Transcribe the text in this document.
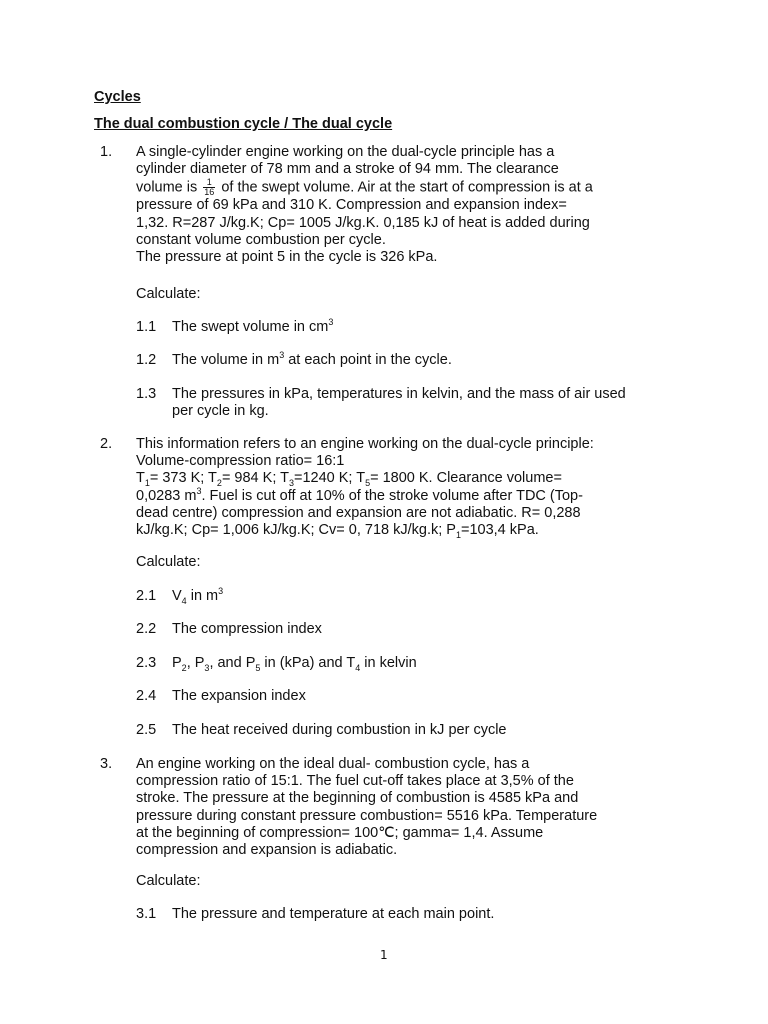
Cycles
The dual combustion cycle / The dual cycle
1. A single-cylinder engine working on the dual-cycle principle has a
cylinder diameter of 78 mm and a stroke of 94 mm. The clearance
volume is $\frac{1}{16}$ of the swept volume. Air at the start of compression is at a
pressure of 69 kPa and 310 K. Compression and expansion index=
1,32. R=287 J/kg.K; Cp= 1005 J/kg.K. 0,185 kJ of heat is added during
constant volume combustion per cycle.
The pressure at point 5 in the cycle is 326 kPa.
Calculate:
1.1 The swept volume in $cm^3$
1.2 The volume in $m^3$ at each point in the cycle.
1.3 The pressures in kPa, temperatures in kelvin, and the mass of air used per cycle in kg.
2. This information refers to an engine working on the dual-cycle principle:
Volume-compression ratio= 16:1
$T_1= 373$ K; $T_2= 984$ K; $T_3=1240$ K; $T_5= 1800$ K. Clearance volume=
0,0283 $m^3$. Fuel is cut off at 10% of the stroke volume after TDC (Top-
dead centre) compression and expansion are not adiabatic. R= 0,288
kJ/kg.K; Cp= 1,006 kJ/kg.K; Cv= 0, 718 kJ/kg.k; $P_1=103,4$ kPa.
Calculate:
2.1 $V_4$ in $m^3$
2.2 The compression index
2.3 $P_2$, $P_3$, and $P_5$ in (kPa) and $T_4$ in kelvin
2.4 The expansion index
2.5 The heat received during combustion in kJ per cycle
3. An engine working on the ideal dual- combustion cycle, has a
compression ratio of 15:1. The fuel cut-off takes place at 3,5% of the
stroke. The pressure at the beginning of combustion is 4585 kPa and
pressure during constant pressure combustion= 5516 kPa. Temperature
at the beginning of compression= 100℃; gamma= 1,4. Assume
compression and expansion is adiabatic.
Calculate:
3.1 The pressure and temperature at each main point.
1
